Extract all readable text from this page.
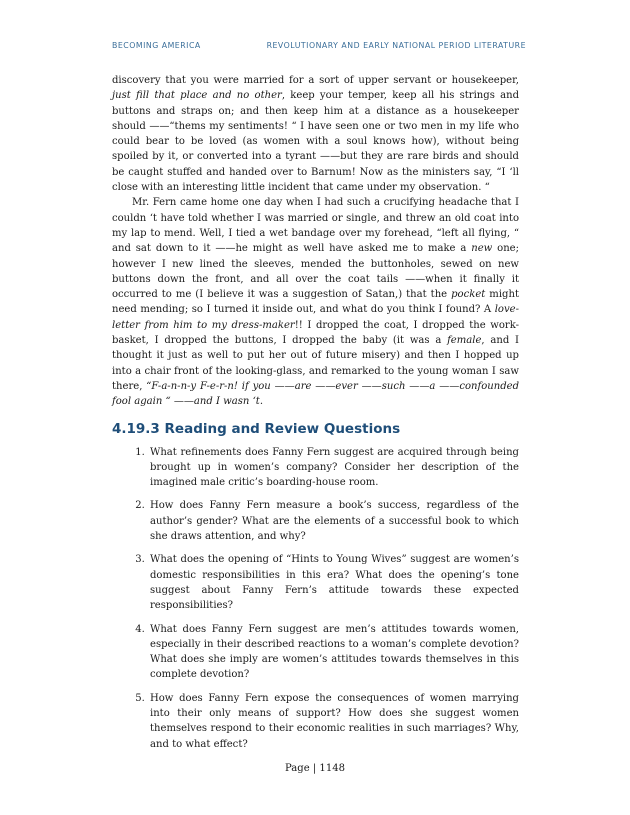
BECOMING AMERICA	REVOLUTIONARY AND EARLY NATIONAL PERIOD LITERATURE

discovery that you were married for a sort of upper servant or housekeeper, just fill that place and no other, keep your temper, keep all his strings and buttons and straps on; and then keep him at a distance as a housekeeper should ——“thems my sentiments! “ I have seen one or two men in my life who could bear to be loved (as women with a soul knows how), without being spoiled by it, or converted into a tyrant ——but they are rare birds and should be caught stuffed and handed over to Barnum! Now as the ministers say, “I ‘ll close with an interesting little incident that came under my observation. “

Mr. Fern came home one day when I had such a crucifying headache that I couldn ‘t have told whether I was married or single, and threw an old coat into my lap to mend. Well, I tied a wet bandage over my forehead, “left all flying, “ and sat down to it ——he might as well have asked me to make a new one; however I new lined the sleeves, mended the buttonholes, sewed on new buttons down the front, and all over the coat tails ——when it finally it occurred to me (I believe it was a suggestion of Satan,) that the pocket might need mending; so I turned it inside out, and what do you think I found? A love-letter from him to my dress-maker!! I dropped the coat, I dropped the work-basket, I dropped the buttons, I dropped the baby (it was a female, and I thought it just as well to put her out of future misery) and then I hopped up into a chair front of the looking-glass, and remarked to the young woman I saw there, “F-a-n-n-y F-e-r-n! if you ——are ——ever ——such ——a ——confounded fool again “ ——and I wasn ‘t.

4.19.3 Reading and Review Questions
1. What refinements does Fanny Fern suggest are acquired through being brought up in women’s company? Consider her description of the imagined male critic’s boarding-house room.
2. How does Fanny Fern measure a book’s success, regardless of the author’s gender? What are the elements of a successful book to which she draws attention, and why?
3. What does the opening of “Hints to Young Wives” suggest are women’s domestic responsibilities in this era? What does the opening’s tone suggest about Fanny Fern’s attitude towards these expected responsibilities?
4. What does Fanny Fern suggest are men’s attitudes towards women, especially in their described reactions to a woman’s complete devotion? What does she imply are women’s attitudes towards themselves in this complete devotion?
5. How does Fanny Fern expose the consequences of women marrying into their only means of support? How does she suggest women themselves respond to their economic realities in such marriages? Why, and to what effect?
Page | 1148
